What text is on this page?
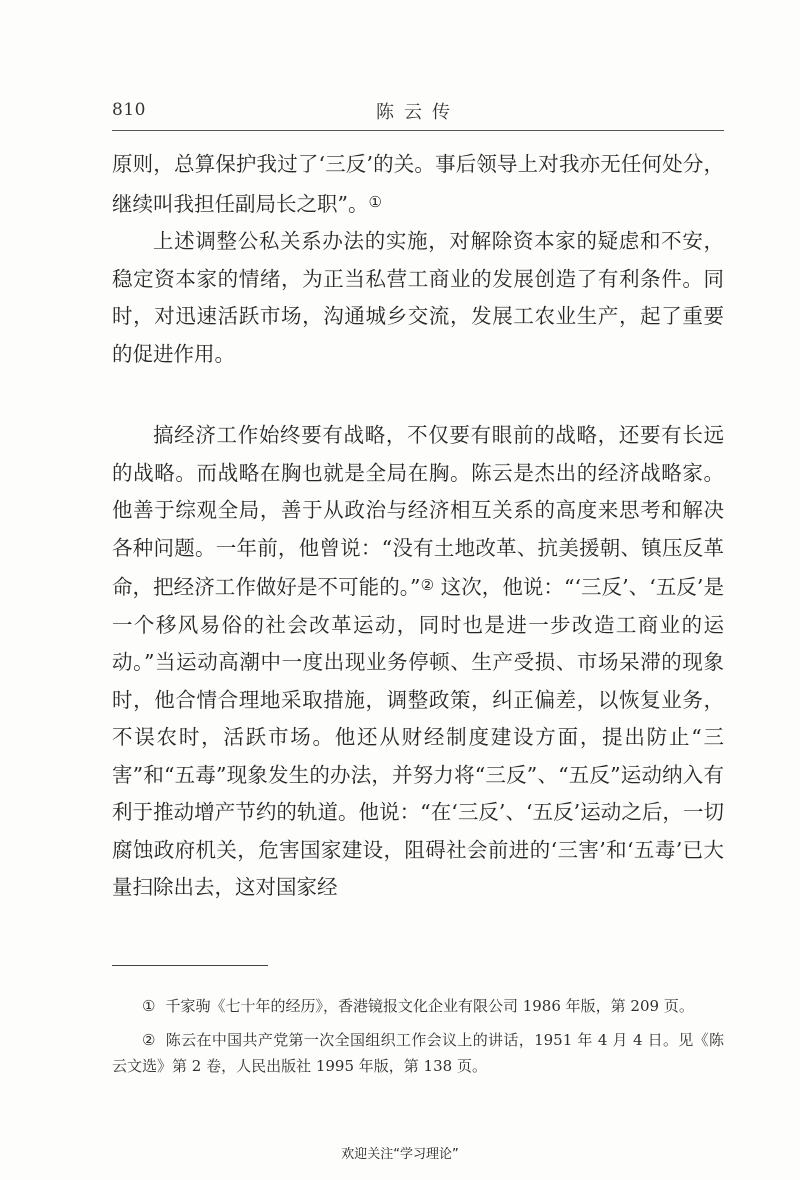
810	陈云传

原则，总算保护我过了‘三反’的关。事后领导上对我亦无任何处分，继续叫我担任副局长之职”。①

上述调整公私关系办法的实施，对解除资本家的疑虑和不安，稳定资本家的情绪，为正当私营工商业的发展创造了有利条件。同时，对迅速活跃市场，沟通城乡交流，发展工农业生产，起了重要的促进作用。

搞经济工作始终要有战略，不仅要有眼前的战略，还要有长远的战略。而战略在胸也就是全局在胸。陈云是杰出的经济战略家。他善于综观全局，善于从政治与经济相互关系的高度来思考和解决各种问题。一年前，他曾说：“没有土地改革、抗美援朝、镇压反革命，把经济工作做好是不可能的。”② 这次，他说：“‘三反’、‘五反’是一个移风易俗的社会改革运动，同时也是进一步改造工商业的运动。”当运动高潮中一度出现业务停顿、生产受损、市场呆滞的现象时，他合情合理地采取措施，调整政策，纠正偏差，以恢复业务，不误农时，活跃市场。他还从财经制度建设方面，提出防止“三害”和“五毒”现象发生的办法，并努力将“三反”、“五反”运动纳入有利于推动增产节约的轨道。他说：“在‘三反’、‘五反’运动之后，一切腐蚀政府机关，危害国家建设，阻碍社会前进的‘三害’和‘五毒’已大量扫除出去，这对国家经

① 千家驹《七十年的经历》，香港镜报文化企业有限公司 1986 年版，第 209 页。

② 陈云在中国共产党第一次全国组织工作会议上的讲话，1951 年 4 月 4 日。见《陈云文选》第 2 卷，人民出版社 1995 年版，第 138 页。

欢迎关注“学习理论”
